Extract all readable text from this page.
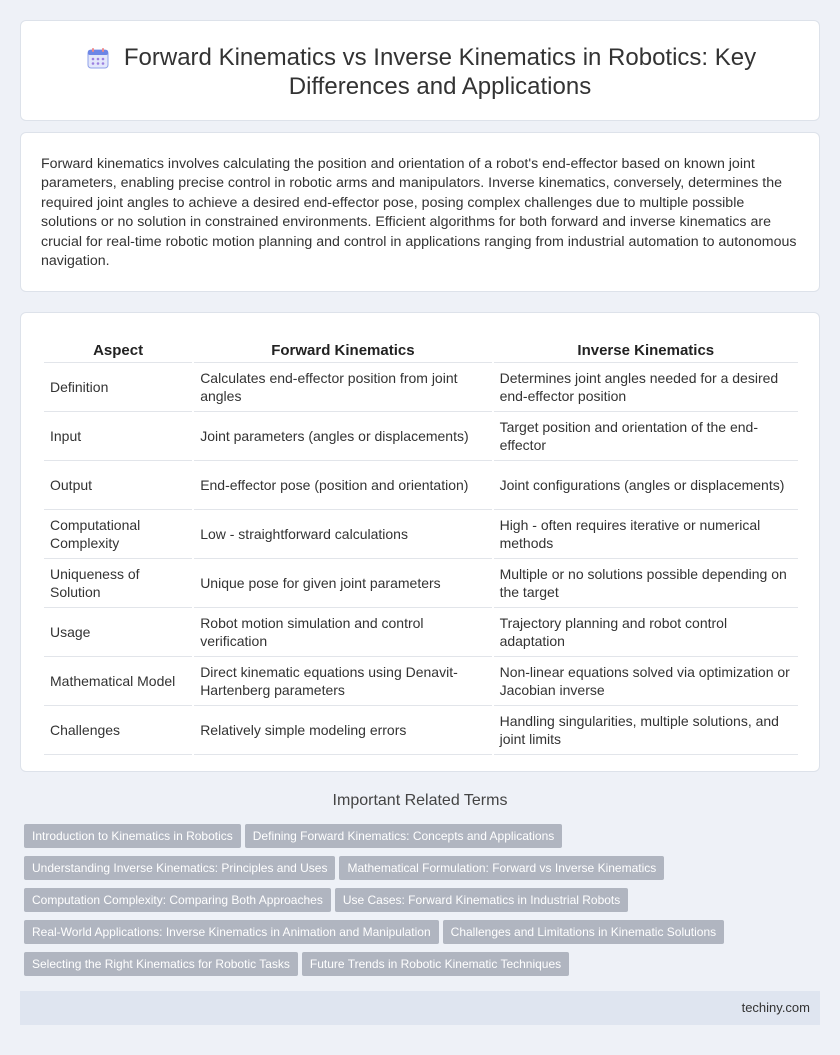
Forward Kinematics vs Inverse Kinematics in Robotics: Key Differences and Applications

Forward kinematics involves calculating the position and orientation of a robot's end-effector based on known joint parameters, enabling precise control in robotic arms and manipulators. Inverse kinematics, conversely, determines the required joint angles to achieve a desired end-effector pose, posing complex challenges due to multiple possible solutions or no solution in constrained environments. Efficient algorithms for both forward and inverse kinematics are crucial for real-time robotic motion planning and control in applications ranging from industrial automation to autonomous navigation.

Aspect	Forward Kinematics	Inverse Kinematics
Definition	Calculates end-effector position from joint angles	Determines joint angles needed for a desired end-effector position
Input	Joint parameters (angles or displacements)	Target position and orientation of the end-effector
Output	End-effector pose (position and orientation)	Joint configurations (angles or displacements)
Computational Complexity	Low - straightforward calculations	High - often requires iterative or numerical methods
Uniqueness of Solution	Unique pose for given joint parameters	Multiple or no solutions possible depending on the target
Usage	Robot motion simulation and control verification	Trajectory planning and robot control adaptation
Mathematical Model	Direct kinematic equations using Denavit-Hartenberg parameters	Non-linear equations solved via optimization or Jacobian inverse
Challenges	Relatively simple modeling errors	Handling singularities, multiple solutions, and joint limits
Important Related Terms
Introduction to Kinematics in Robotics Defining Forward Kinematics: Concepts and Applications
Understanding Inverse Kinematics: Principles and Uses Mathematical Formulation: Forward vs Inverse Kinematics
Computation Complexity: Comparing Both Approaches Use Cases: Forward Kinematics in Industrial Robots
Real-World Applications: Inverse Kinematics in Animation and Manipulation Challenges and Limitations in Kinematic Solutions
Selecting the Right Kinematics for Robotic Tasks Future Trends in Robotic Kinematic Techniques
techiny.com
